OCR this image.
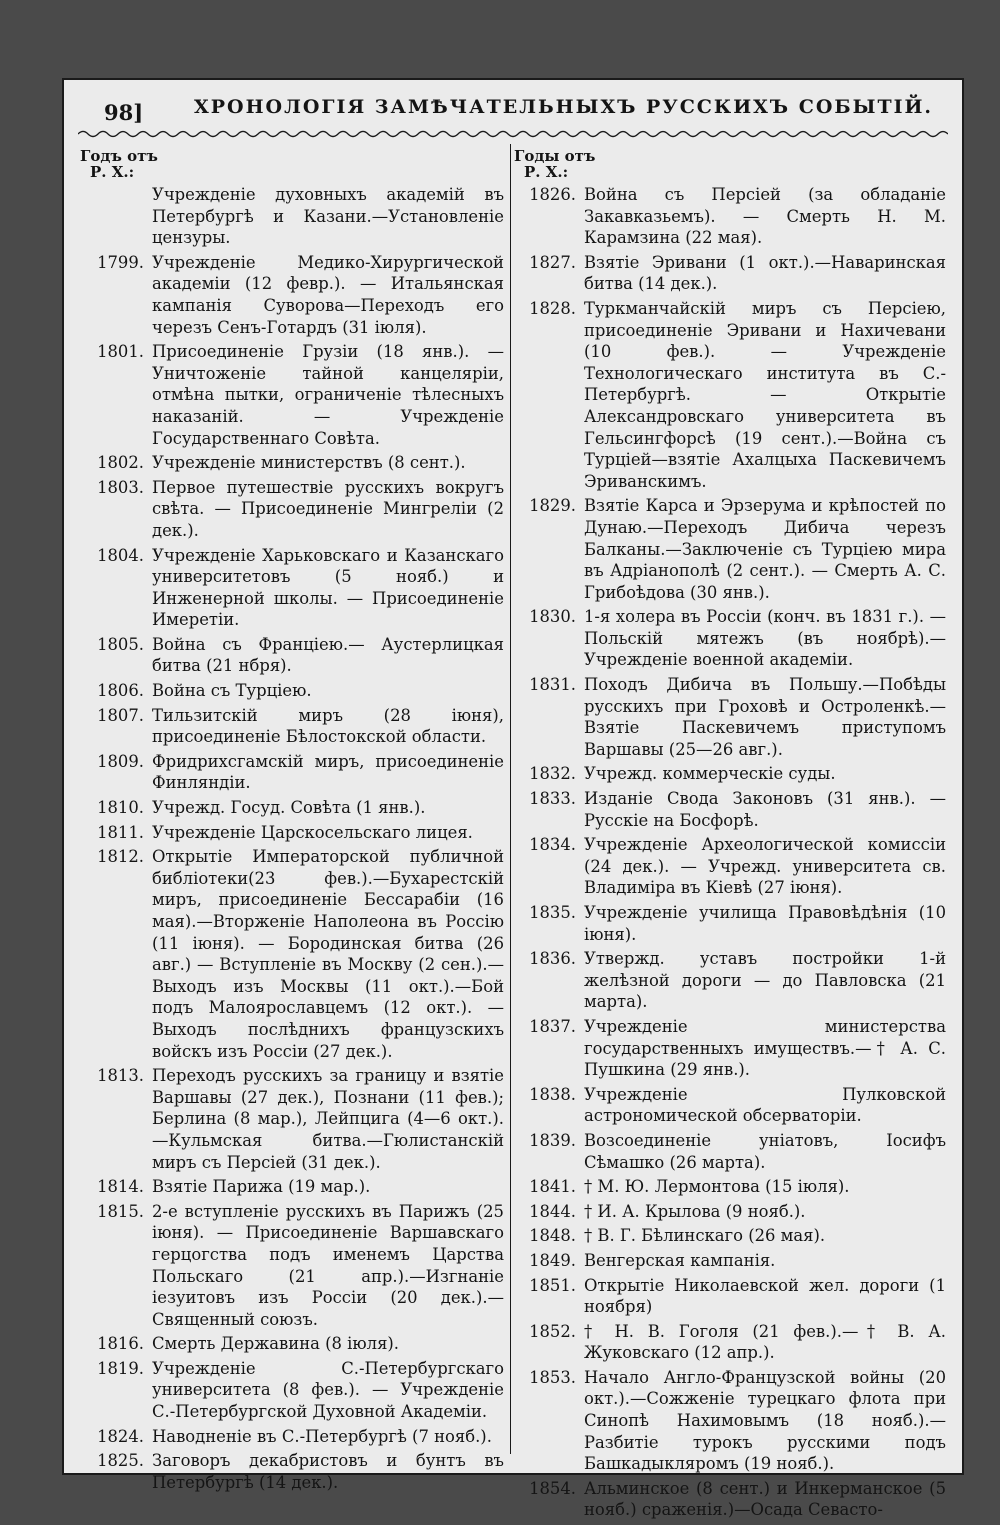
98]	ХРОНОЛОГІЯ ЗАМѢЧАТЕЛЬНЫХЪ РУССКИХЪ СОБЫТІЙ.
Годъ отъ
Р. Х.:
Учрежденіе духовныхъ академій въ Петербургѣ и Казани.—Установленіе цензуры.
1799. Учрежденіе Медико-Хирургической академіи (12 февр.). — Итальянская кампанія Суворова—Переходъ его черезъ Сенъ-Готардъ (31 іюля).
1801. Присоединеніе Грузіи (18 янв.). — Уничтоженіе тайной канцеляріи, отмѣна пытки, ограниченіе тѣлесныхъ наказаній. — Учрежденіе Государственнаго Совѣта.
1802. Учрежденіе министерствъ (8 сент.).
1803. Первое путешествіе русскихъ вокругъ свѣта. — Присоединеніе Мингреліи (2 дек.).
1804. Учрежденіе Харьковскаго и Казанскаго университетовъ (5 нояб.) и Инженерной школы. — Присоединеніе Имеретіи.
1805. Война съ Франціею.— Аустерлицкая битва (21 нбря).
1806. Война съ Турціею.
1807. Тильзитскій миръ (28 іюня), присоединеніе Бѣлостокской области.
1809. Фридрихсгамскій миръ, присоединеніе Финляндіи.
1810. Учрежд. Госуд. Совѣта (1 янв.).
1811. Учрежденіе Царскосельскаго лицея.
1812. Открытіе Императорской публичной библіотеки(23 фев.).—Бухарестскій миръ, присоединеніе Бессарабіи (16 мая).—Вторженіе Наполеона въ Россію (11 іюня). — Бородинская битва (26 авг.) — Вступленіе въ Москву (2 сен.).—Выходъ изъ Москвы (11 окт.).—Бой подъ Малоярославцемъ (12 окт.). — Выходъ послѣднихъ французскихъ войскъ изъ Россіи (27 дек.).
1813. Переходъ русскихъ за границу и взятіе Варшавы (27 дек.), Познани (11 фев.); Берлина (8 мар.), Лейпцига (4—6 окт.).—Кульмская битва.—Гюлистанскій миръ съ Персіей (31 дек.).
1814. Взятіе Парижа (19 мар.).
1815. 2-е вступленіе русскихъ въ Парижъ (25 іюня). — Присоединеніе Варшавскаго герцогства подъ именемъ Царства Польскаго (21 апр.).—Изгнаніе іезуитовъ изъ Россіи (20 дек.).—Священный союзъ.
1816. Смерть Державина (8 іюля).
1819. Учрежденіе С.-Петербургскаго университета (8 фев.). — Учрежденіе С.-Петербургской Духовной Академіи.
1824. Наводненіе въ С.-Петербургѣ (7 нояб.).
1825. Заговоръ декабристовъ и бунтъ въ Петербургѣ (14 дек.).
Годы отъ
Р. Х.:
1826. Война съ Персіей (за обладаніе Закавказьемъ). — Смерть Н. М. Карамзина (22 мая).
1827. Взятіе Эривани (1 окт.).—Наваринская битва (14 дек.).
1828. Туркманчайскій миръ съ Персіею, присоединеніе Эривани и Нахичевани (10 фев.). — Учрежденіе Технологическаго института въ С.-Петербургѣ. — Открытіе Александровскаго университета въ Гельсингфорсѣ (19 сент.).—Война съ Турціей—взятіе Ахалцыха Паскевичемъ Эриванскимъ.
1829. Взятіе Карса и Эрзерума и крѣпостей по Дунаю.—Переходъ Дибича черезъ Балканы.—Заключеніе съ Турціею мира въ Адріанополѣ (2 сент.). — Смерть А. С. Грибоѣдова (30 янв.).
1830. 1-я холера въ Россіи (конч. въ 1831 г.). — Польскій мятежъ (въ ноябрѣ).— Учрежденіе военной академіи.
1831. Походъ Дибича въ Польшу.—Побѣды русскихъ при Гроховѣ и Остроленкѣ.— Взятіе Паскевичемъ приступомъ Варшавы (25—26 авг.).
1832. Учрежд. коммерческіе суды.
1833. Изданіе Свода Законовъ (31 янв.). — Русскіе на Босфорѣ.
1834. Учрежденіе Археологической комиссіи (24 дек.). — Учрежд. университета св. Владиміра въ Кіевѣ (27 іюня).
1835. Учрежденіе училища Правовѣдѣнія (10 іюня).
1836. Утвержд. уставъ постройки 1-й желѣзной дороги — до Павловска (21 марта).
1837. Учрежденіе министерства государственныхъ имуществъ.—† А. С. Пушкина (29 янв.).
1838. Учрежденіе Пулковской астрономической обсерваторіи.
1839. Возсоединеніе уніатовъ, Іосифъ Сѣмашко (26 марта).
1841. † М. Ю. Лермонтова (15 іюля).
1844. † И. А. Крылова (9 нояб.).
1848. † В. Г. Бѣлинскаго (26 мая).
1849. Венгерская кампанія.
1851. Открытіе Николаевской жел. дороги (1 ноября)
1852. † Н. В. Гоголя (21 фев.).—† В. А. Жуковскаго (12 апр.).
1853. Начало Англо-Французской войны (20 окт.).—Сожженіе турецкаго флота при Синопѣ Нахимовымъ (18 нояб.).—Разбитіе турокъ русскими подъ Башкадыкляромъ (19 нояб.).
1854. Альминское (8 сент.) и Инкерманское (5 нояб.) сраженія.)—Осада Севасто-
